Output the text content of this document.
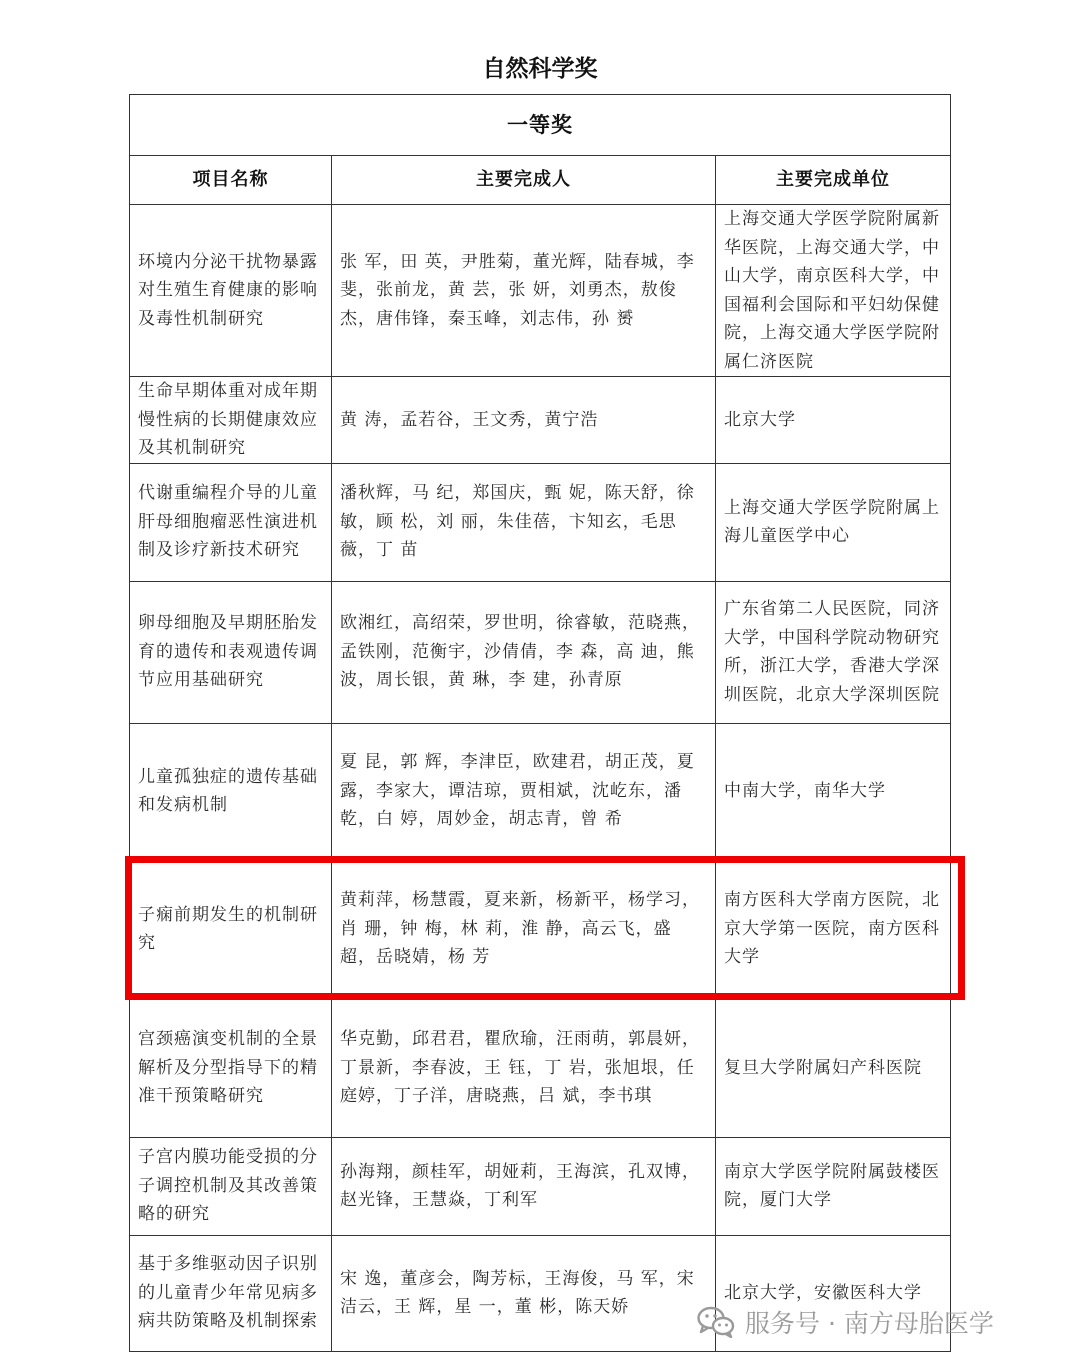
自然科学奖
一等奖		
项目名称	主要完成人	主要完成单位
环境内分泌干扰物暴露对生殖生育健康的影响及毒性机制研究	张 军，田 英，尹胜菊，董光辉，陆春城，李 斐，张前龙，黄 芸，张 妍，刘勇杰，敖俊杰，唐伟锋，秦玉峰，刘志伟，孙 赟	上海交通大学医学院附属新华医院，上海交通大学，中山大学，南京医科大学，中国福利会国际和平妇幼保健院，上海交通大学医学院附属仁济医院
生命早期体重对成年期慢性病的长期健康效应及其机制研究	黄 涛，孟若谷，王文秀，黄宁浩	北京大学
代谢重编程介导的儿童肝母细胞瘤恶性演进机制及诊疗新技术研究	潘秋辉，马 纪，郑国庆，甄 妮，陈天舒，徐 敏，顾 松，刘 丽，朱佳蓓，卞知玄，毛思薇，丁 苗	上海交通大学医学院附属上海儿童医学中心
卵母细胞及早期胚胎发育的遗传和表观遗传调节应用基础研究	欧湘红，高绍荣，罗世明，徐睿敏，范晓燕，孟铁刚，范衡宇，沙倩倩，李 森，高 迪，熊 波，周长银，黄 琳，李 建，孙青原	广东省第二人民医院，同济大学，中国科学院动物研究所，浙江大学，香港大学深圳医院，北京大学深圳医院
儿童孤独症的遗传基础和发病机制	夏 昆，郭 辉，李津臣，欧建君，胡正茂，夏 露，李家大，谭洁琼，贾相斌，沈屹东，潘 乾，白 婷，周妙金，胡志青，曾 希	中南大学，南华大学
子痫前期发生的机制研究	黄莉萍，杨慧霞，夏来新，杨新平，杨学习，肖 珊，钟 梅，林 莉，淮 静，高云飞，盛 超，岳晓婧，杨 芳	南方医科大学南方医院，北京大学第一医院，南方医科大学
宫颈癌演变机制的全景解析及分型指导下的精准干预策略研究	华克勤，邱君君，瞿欣瑜，汪雨萌，郭晨妍，丁景新，李春波，王 钰，丁 岩，张旭垠，任庭婷，丁子洋，唐晓燕，吕 斌，李书琪	复旦大学附属妇产科医院
子宫内膜功能受损的分子调控机制及其改善策略的研究	孙海翔，颜桂军，胡娅莉，王海滨，孔双博，赵光锋，王慧焱，丁利军	南京大学医学院附属鼓楼医院，厦门大学
基于多维驱动因子识别的儿童青少年常见病多病共防策略及机制探索	宋 逸，董彦会，陶芳标，王海俊，马 军，宋洁云，王 辉，星 一，董 彬，陈天娇	北京大学，安徽医科大学
服务号 · 南方母胎医学
